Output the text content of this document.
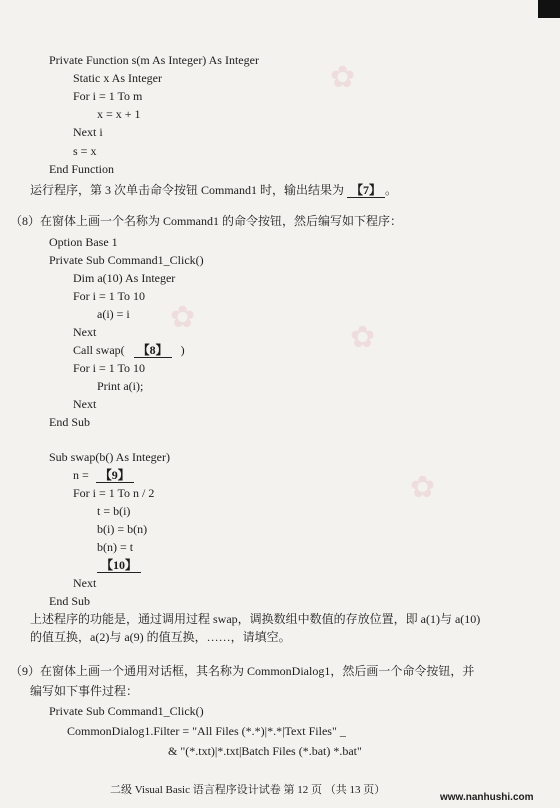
✿
✿
✿
✿
Private Function s(m As Integer) As Integer
Static x As Integer
For i = 1 To m
x = x + 1
Next i
s = x
End Function
运行程序，第 3 次单击命令按钮 Command1 时，输出结果为 【7】 。
（8）在窗体上画一个名称为 Command1 的命令按钮，然后编写如下程序：
Option Base 1
Private Sub Command1_Click()
Dim a(10) As Integer
For i = 1 To 10
a(i) = i
Next
Call swap( 【8】 )
For i = 1 To 10
Print a(i);
Next
End Sub
Sub swap(b() As Integer)
n = 【9】
For i = 1 To n / 2
t = b(i)
b(i) = b(n)
b(n) = t
【10】
Next
End Sub
上述程序的功能是，通过调用过程 swap，调换数组中数值的存放位置，即 a(1)与 a(10)
的值互换，a(2)与 a(9) 的值互换，……，请填空。
（9）在窗体上画一个通用对话框，其名称为 CommonDialog1，然后画一个命令按钮，并
编写如下事件过程：
Private Sub Command1_Click()
CommonDialog1.Filter = "All Files (*.*)|*.*|Text Files" _
& "(*.txt)|*.txt|Batch Files (*.bat) *.bat"
二级 Visual Basic 语言程序设计试卷 第 12 页 （共 13 页）
www.nanhushi.com
